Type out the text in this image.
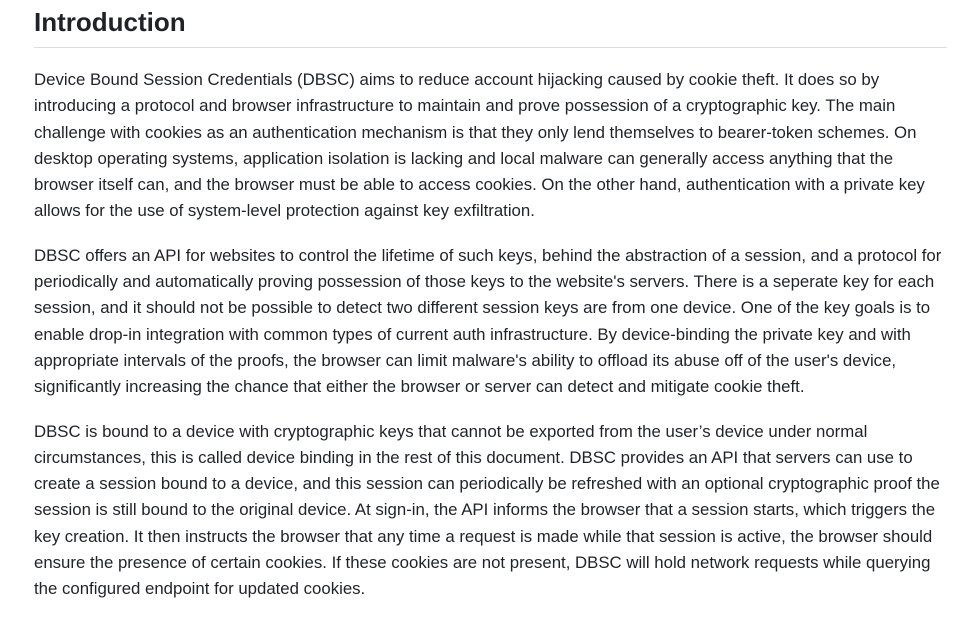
Introduction

Device Bound Session Credentials (DBSC) aims to reduce account hijacking caused by cookie theft. It does so by introducing a protocol and browser infrastructure to maintain and prove possession of a cryptographic key. The main challenge with cookies as an authentication mechanism is that they only lend themselves to bearer-token schemes. On desktop operating systems, application isolation is lacking and local malware can generally access anything that the browser itself can, and the browser must be able to access cookies. On the other hand, authentication with a private key allows for the use of system-level protection against key exfiltration.

DBSC offers an API for websites to control the lifetime of such keys, behind the abstraction of a session, and a protocol for periodically and automatically proving possession of those keys to the website's servers. There is a seperate key for each session, and it should not be possible to detect two different session keys are from one device. One of the key goals is to enable drop-in integration with common types of current auth infrastructure. By device-binding the private key and with appropriate intervals of the proofs, the browser can limit malware's ability to offload its abuse off of the user's device, significantly increasing the chance that either the browser or server can detect and mitigate cookie theft.

DBSC is bound to a device with cryptographic keys that cannot be exported from the user’s device under normal circumstances, this is called device binding in the rest of this document. DBSC provides an API that servers can use to create a session bound to a device, and this session can periodically be refreshed with an optional cryptographic proof the session is still bound to the original device. At sign-in, the API informs the browser that a session starts, which triggers the key creation. It then instructs the browser that any time a request is made while that session is active, the browser should ensure the presence of certain cookies. If these cookies are not present, DBSC will hold network requests while querying the configured endpoint for updated cookies.
